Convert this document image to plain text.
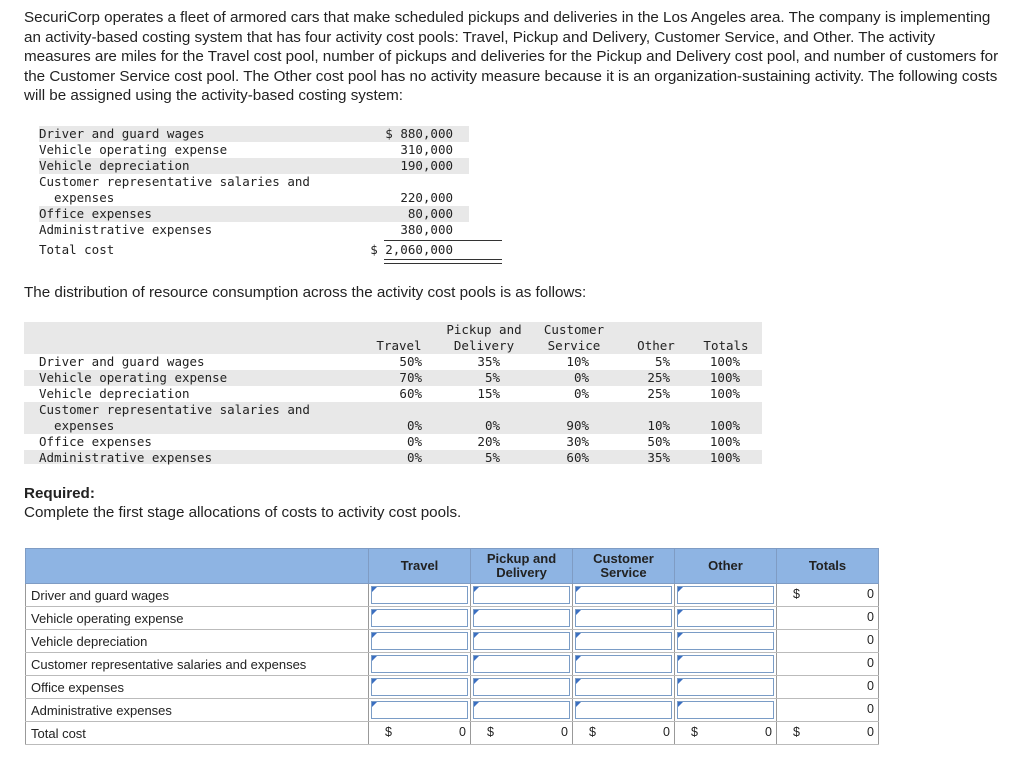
SecuriCorp operates a fleet of armored cars that make scheduled pickups and deliveries in the Los Angeles area. The company is implementing an activity-based costing system that has four activity cost pools: Travel, Pickup and Delivery, Customer Service, and Other. The activity measures are miles for the Travel cost pool, number of pickups and deliveries for the Pickup and Delivery cost pool, and number of customers for the Customer Service cost pool. The Other cost pool has no activity measure because it is an organization-sustaining activity. The following costs will be assigned using the activity-based costing system:
Driver and guard wages	$ 880,000
Vehicle operating expense	310,000
Vehicle depreciation	190,000
Customer representative salaries and
expenses	220,000
Office expenses	80,000
Administrative expenses	380,000
Total cost	$ 2,060,000
The distribution of resource consumption across the activity cost pools is as follows:
Travel
Pickup and
Delivery
Customer
Service	Other	Totals
Driver and guard wages	50%	35%	10%	5%	100%
Vehicle operating expense	70%	5%	0%	25%	100%
Vehicle depreciation	60%	15%	0%	25%	100%
Customer representative salaries and
expenses	0%	0%	90%	10%	100%
Office expenses	0%	20%	30%	50%	100%
Administrative expenses	0%	5%	60%	35%	100%
Required:
Complete the first stage allocations of costs to activity cost pools.
	Travel	Pickup and Delivery	Customer Service	Other	Totals
Driver and guard wages					$ 0

Vehicle operating expense					0

Vehicle depreciation					0

Customer representative salaries and expenses					0

Office expenses					0

Administrative expenses					0

Total cost	$ 0	$ 0	$ 0	$ 0	$ 0
